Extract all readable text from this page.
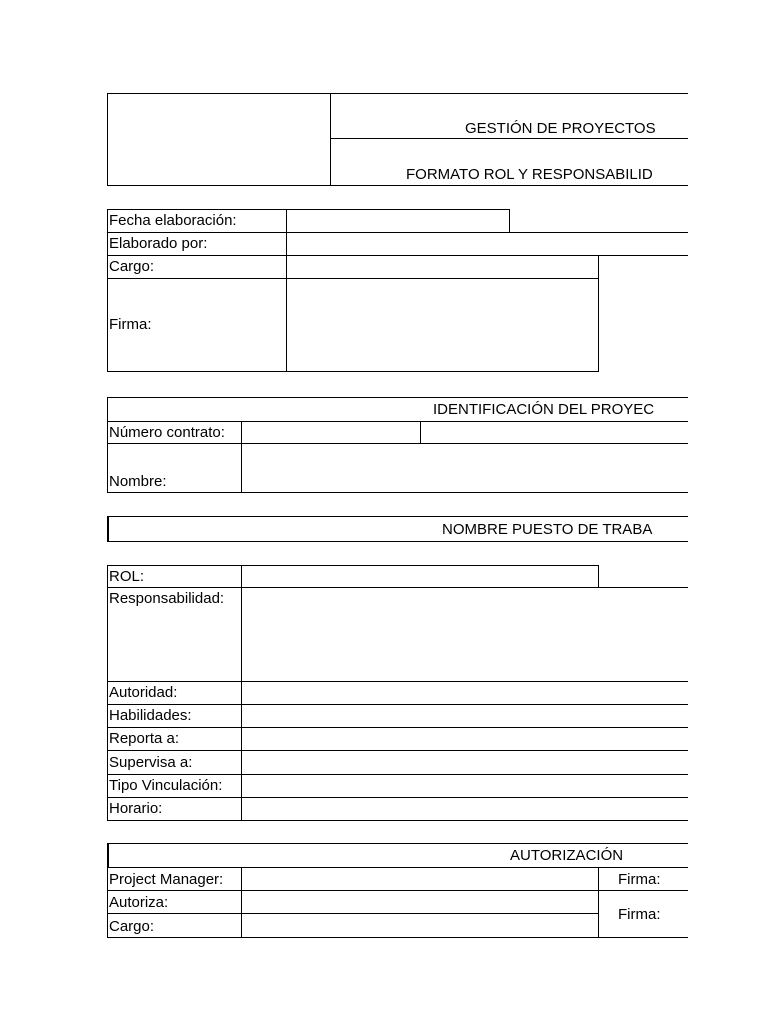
GESTIÓN DE PROYECTOS
FORMATO ROL Y RESPONSABILID
Fecha elaboración:
Elaborado por:
Cargo:
Firma:
IDENTIFICACIÓN DEL PROYEC
Número contrato:
Nombre:
NOMBRE PUESTO DE TRABA
ROL:
Responsabilidad:
Autoridad:
Habilidades:
Reporta a:
Supervisa a:
Tipo Vinculación:
Horario:
AUTORIZACIÓN
Project Manager:
Autoriza:
Cargo:
Firma:
Firma:
